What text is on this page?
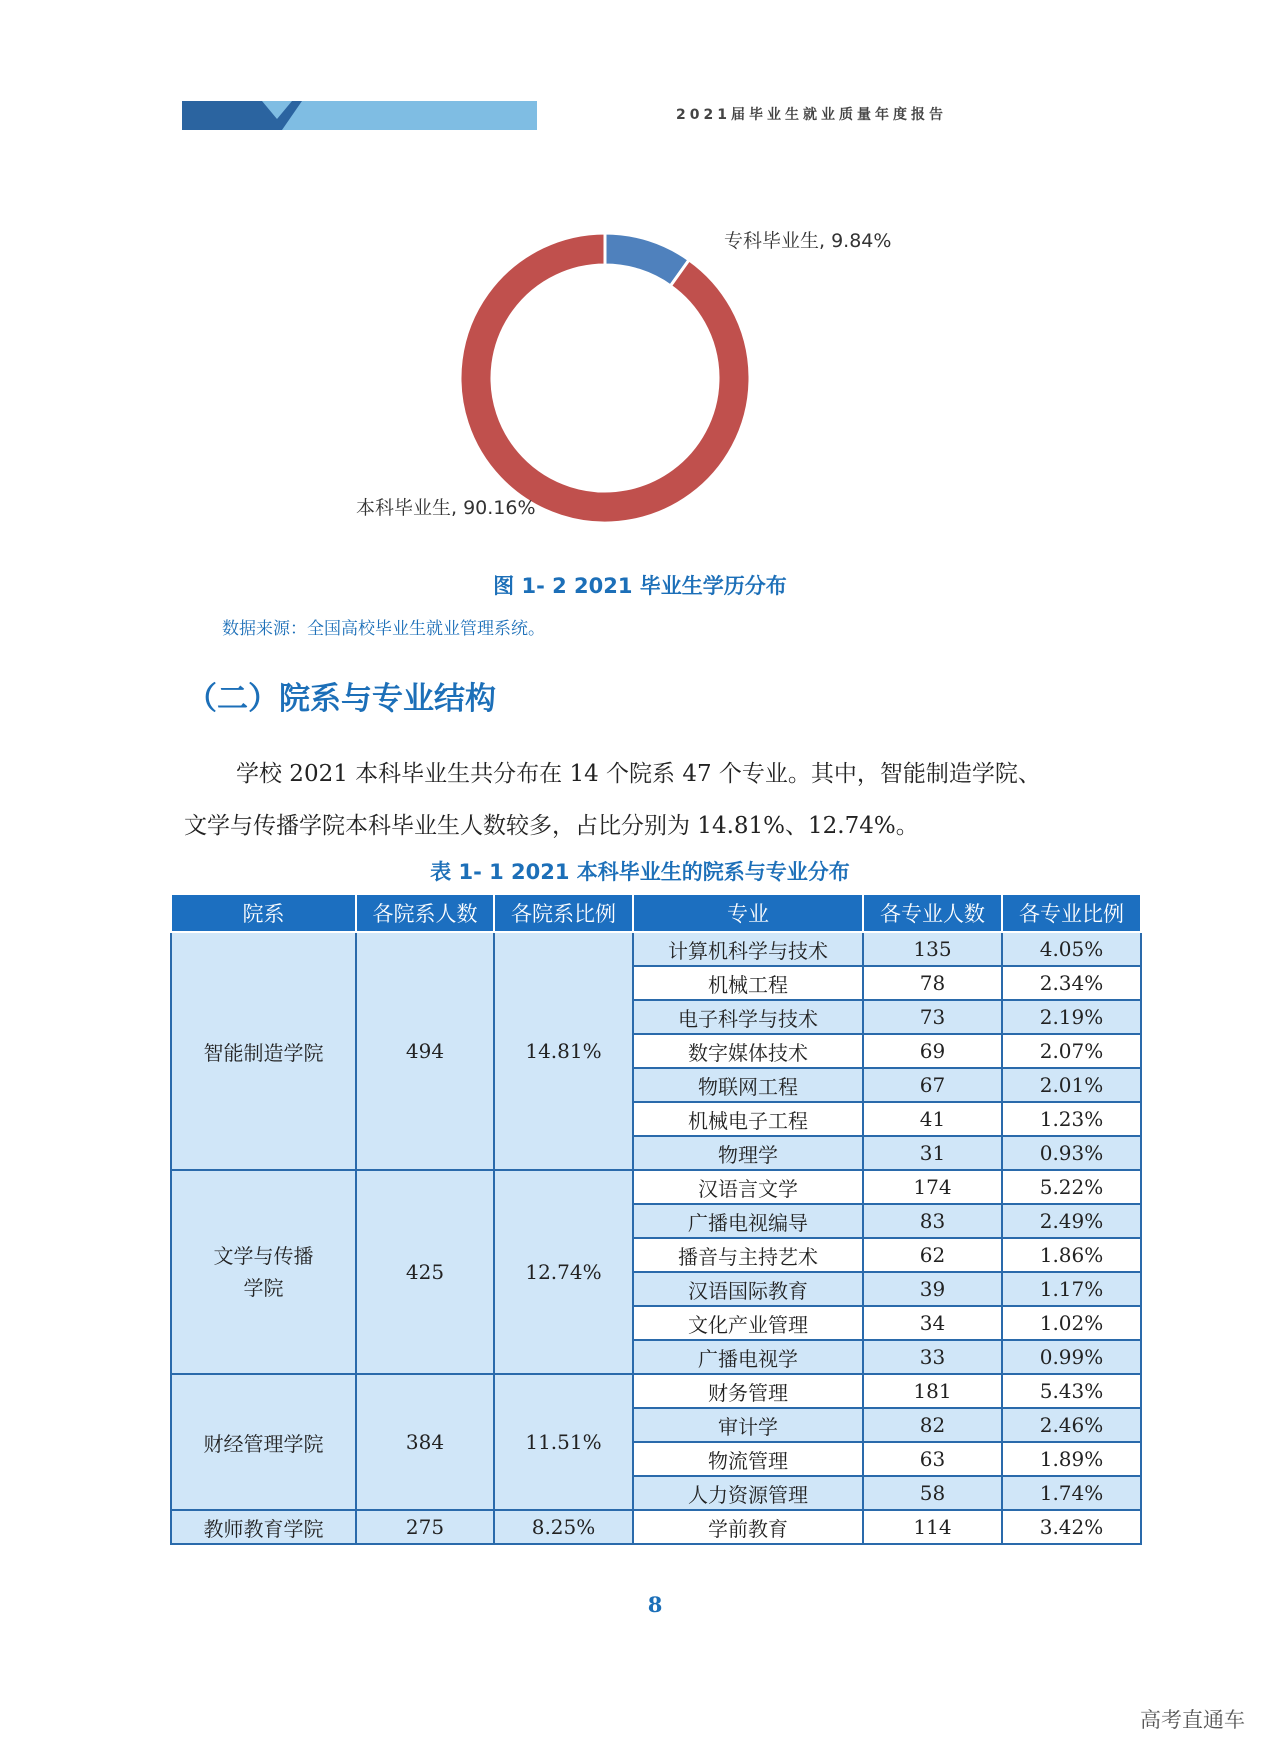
2021届毕业生就业质量年度报告
专科毕业生, 9.84%
本科毕业生, 90.16%
图 1- 2 2021 毕业生学历分布
数据来源：全国高校毕业生就业管理系统。
（二）院系与专业结构
学校 2021 本科毕业生共分布在 14 个院系 47 个专业。其中，智能制造学院、
文学与传播学院本科毕业生人数较多，占比分别为 14.81%、12.74%。
表 1- 1 2021 本科毕业生的院系与专业分布
院系	各院系人数	各院系比例	专业	各专业人数	各专业比例
智能制造学院	494	14.81%	计算机科学与技术	135	4.05%
			机械工程	78	2.34%
			电子科学与技术	73	2.19%
			数字媒体技术	69	2.07%
			物联网工程	67	2.01%
			机械电子工程	41	1.23%
			物理学	31	0.93%
文学与传播
学院	425	12.74%	汉语言文学	174	5.22%
			广播电视编导	83	2.49%
			播音与主持艺术	62	1.86%
			汉语国际教育	39	1.17%
			文化产业管理	34	1.02%
			广播电视学	33	0.99%
财经管理学院	384	11.51%	财务管理	181	5.43%
			审计学	82	2.46%
			物流管理	63	1.89%
			人力资源管理	58	1.74%
教师教育学院	275	8.25%	学前教育	114	3.42%
8
高考直通车
